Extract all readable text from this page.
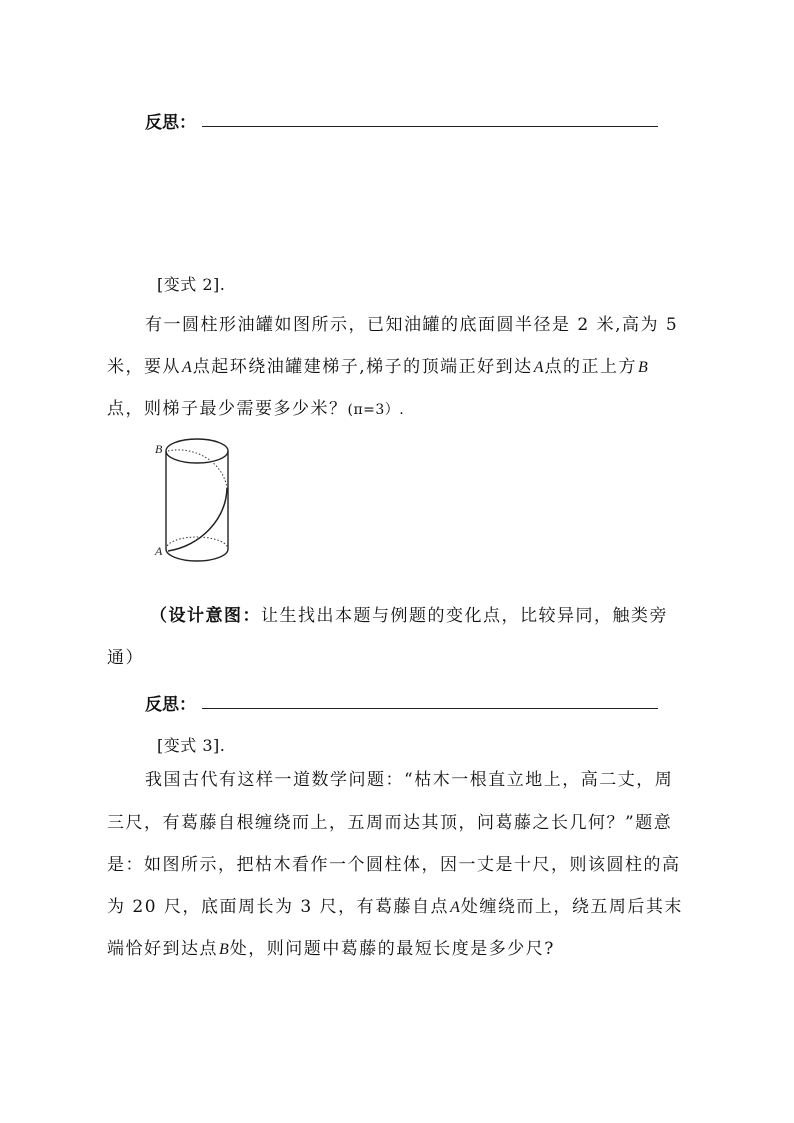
反思：
[变式 2].
有一圆柱形油罐如图所示，已知油罐的底面圆半径是 2 米,高为 5
米，要从A点起环绕油罐建梯子,梯子的顶端正好到达A点的正上方B
点，则梯子最少需要多少米？(π=3）.
B
A
（设计意图：让生找出本题与例题的变化点，比较异同，触类旁
通）
反思：
[变式 3].
我国古代有这样一道数学问题：“枯木一根直立地上，高二丈，周
三尺，有葛藤自根缠绕而上，五周而达其顶，问葛藤之长几何？”题意
是：如图所示，把枯木看作一个圆柱体，因一丈是十尺，则该圆柱的高
为 20 尺，底面周长为 3 尺，有葛藤自点A处缠绕而上，绕五周后其末
端恰好到达点B处，则问题中葛藤的最短长度是多少尺?
